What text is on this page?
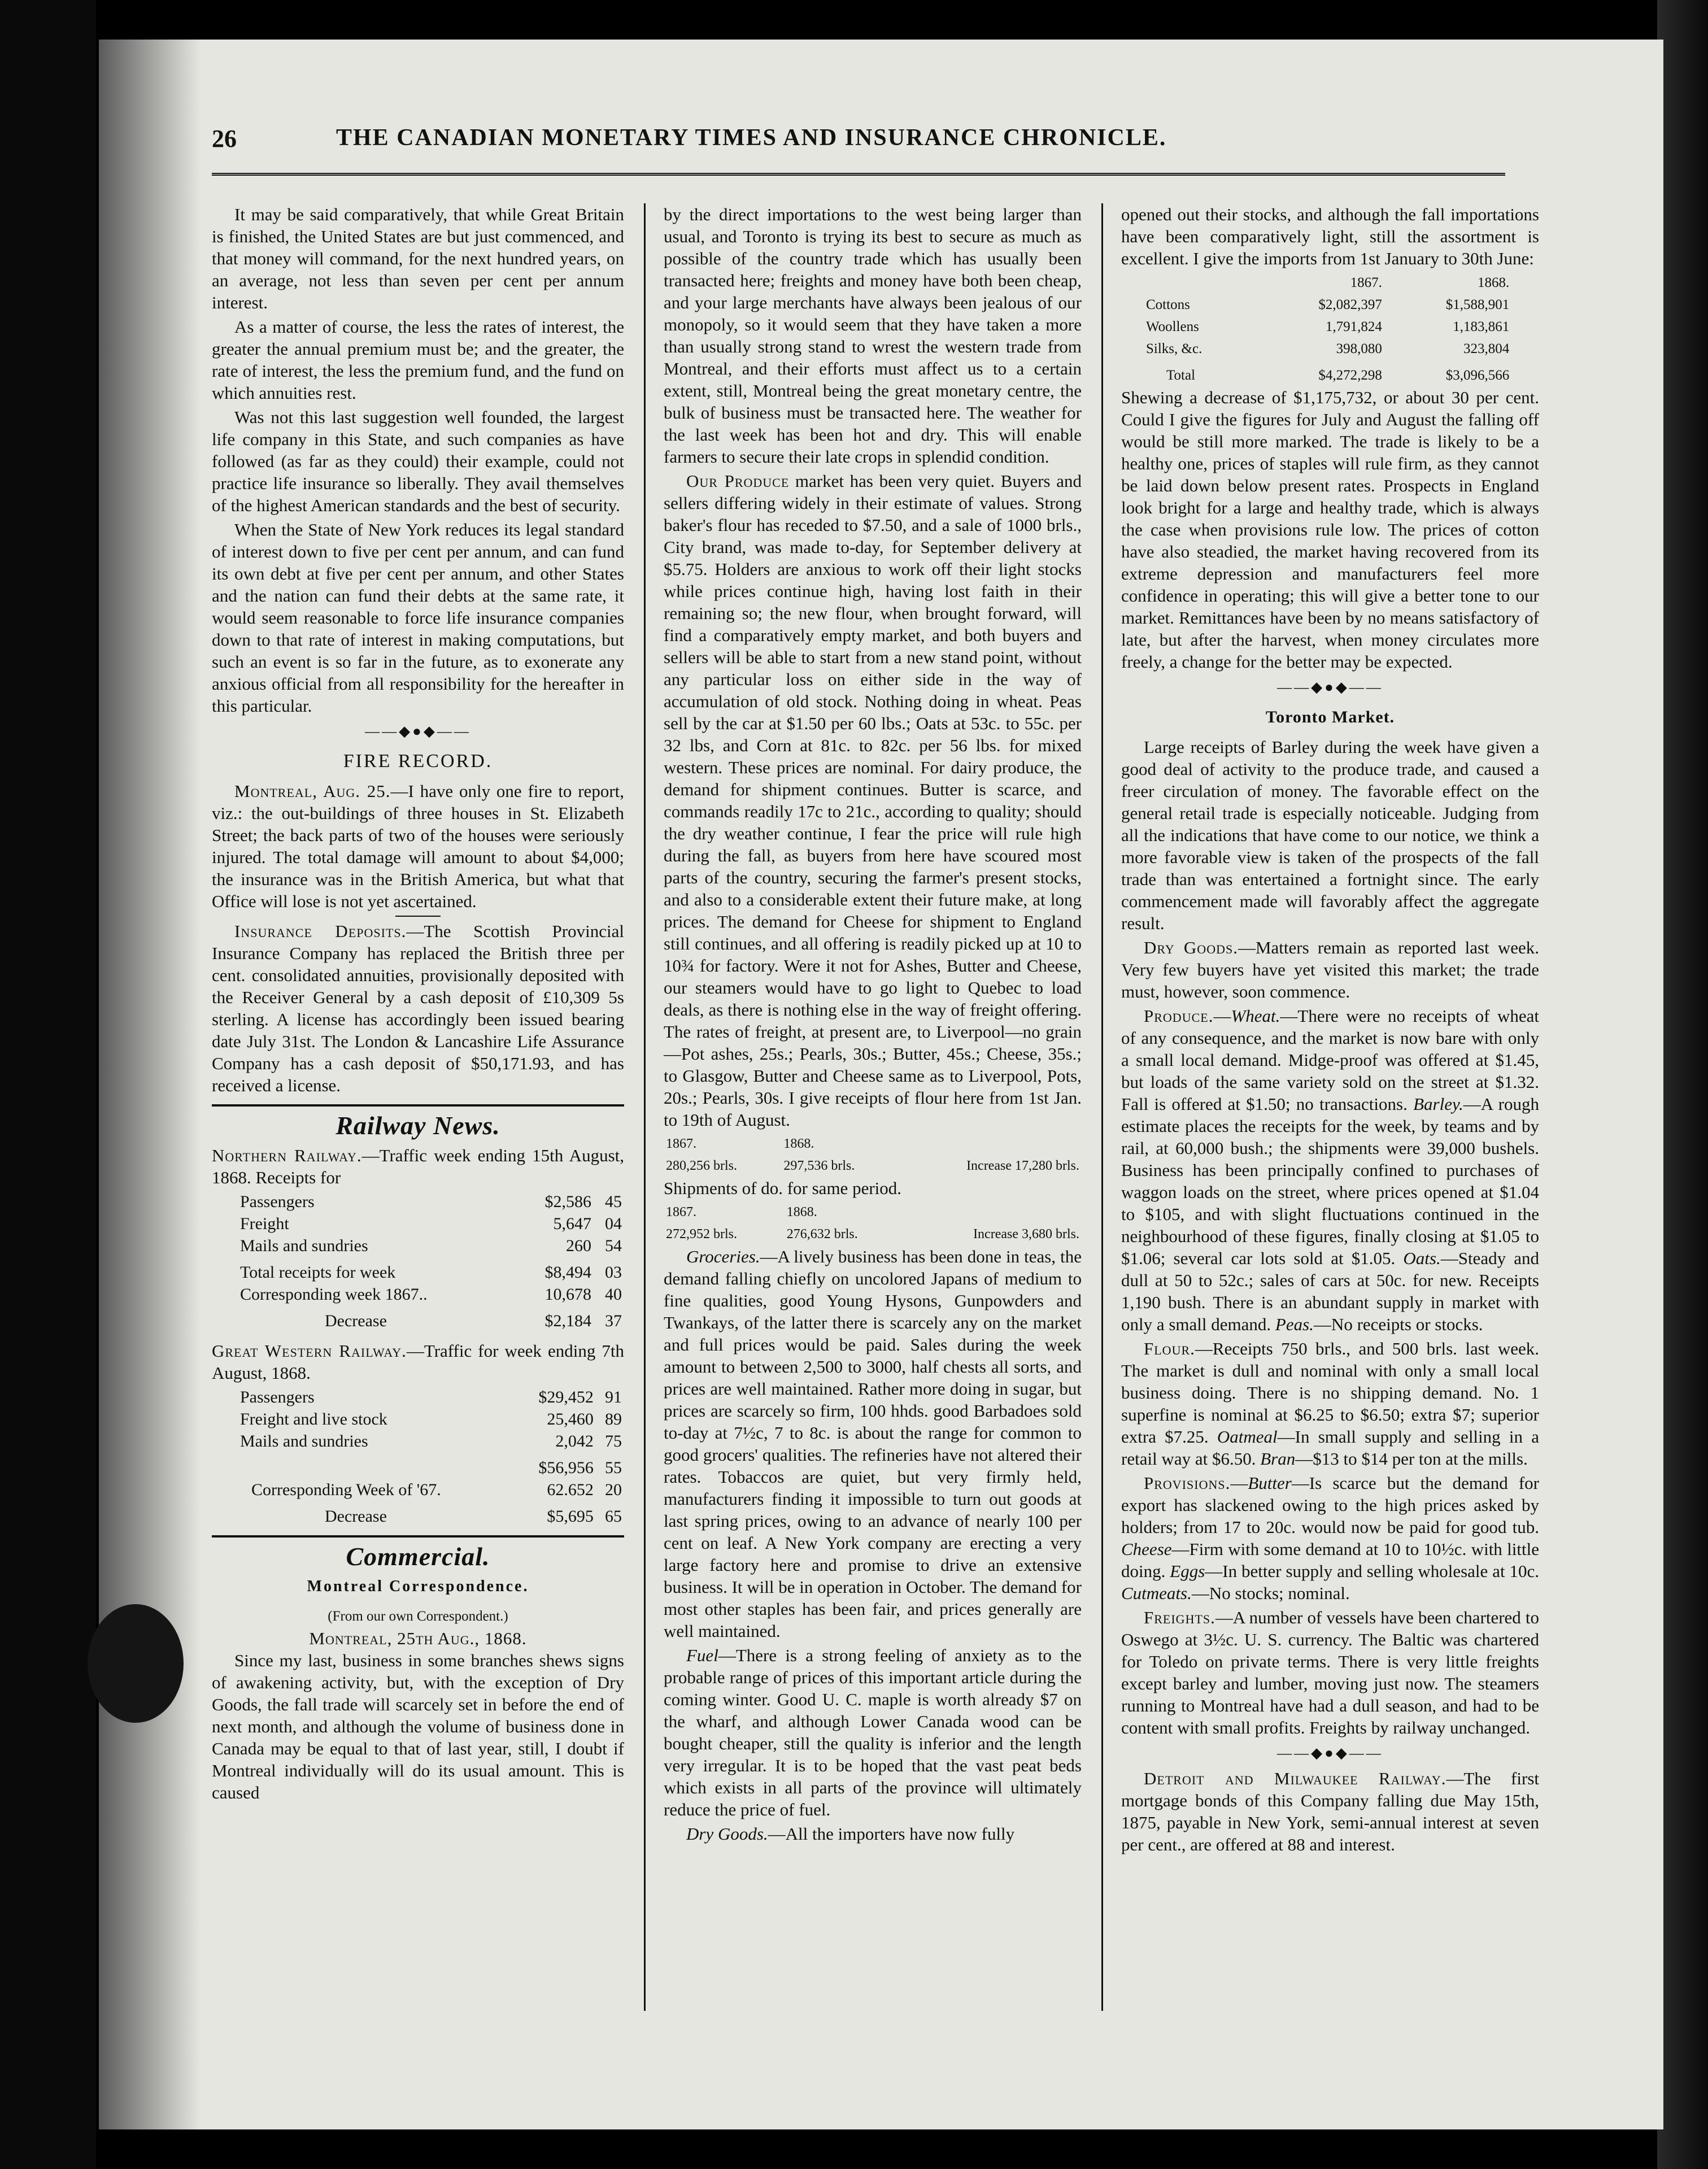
26	THE CANADIAN MONETARY TIMES AND INSURANCE CHRONICLE.

It may be said comparatively, that while Great Britain is finished, the United States are but just commenced, and that money will command, for the next hundred years, on an average, not less than seven per cent per annum interest.

As a matter of course, the less the rates of interest, the greater the annual premium must be; and the greater, the rate of interest, the less the premium fund, and the fund on which annuities rest.

Was not this last suggestion well founded, the largest life company in this State, and such companies as have followed (as far as they could) their example, could not practice life insurance so liberally. They avail themselves of the highest American standards and the best of security.

When the State of New York reduces its legal standard of interest down to five per cent per annum, and can fund its own debt at five per cent per annum, and other States and the nation can fund their debts at the same rate, it would seem reasonable to force life insurance companies down to that rate of interest in making computations, but such an event is so far in the future, as to exonerate any anxious official from all responsibility for the hereafter in this particular.

——◆●◆——
FIRE RECORD.

Montreal, Aug. 25.—I have only one fire to report, viz.: the out-buildings of three houses in St. Elizabeth Street; the back parts of two of the houses were seriously injured. The total damage will amount to about $4,000; the insurance was in the British America, but what that Office will lose is not yet ascertained.

Insurance Deposits.—The Scottish Provincial Insurance Company has replaced the British three per cent. consolidated annuities, provisionally deposited with the Receiver General by a cash deposit of £10,309 5s sterling. A license has accordingly been issued bearing date July 31st. The London & Lancashire Life Assurance Company has a cash deposit of $50,171.93, and has received a license.

Railway News.

Northern Railway.—Traffic week ending 15th August, 1868. Receipts for

Passengers	$2,586	45
Freight	5,647	04
Mails and sundries	260	54
Total receipts for week	$8,494	03
Corresponding week 1867..	10,678	40
Decrease	$2,184	37

Great Western Railway.—Traffic for week ending 7th August, 1868.

Passengers	$29,452	91
Freight and live stock	25,460	89
Mails and sundries	2,042	75
	$56,956	55
Corresponding Week of '67.	62.652	20
Decrease	$5,695	65
Commercial.
Montreal Correspondence.
(From our own Correspondent.)
Montreal, 25th Aug., 1868.

Since my last, business in some branches shews signs of awakening activity, but, with the exception of Dry Goods, the fall trade will scarcely set in before the end of next month, and although the volume of business done in Canada may be equal to that of last year, still, I doubt if Montreal individually will do its usual amount. This is caused

by the direct importations to the west being larger than usual, and Toronto is trying its best to secure as much as possible of the country trade which has usually been transacted here; freights and money have both been cheap, and your large merchants have always been jealous of our monopoly, so it would seem that they have taken a more than usually strong stand to wrest the western trade from Montreal, and their efforts must affect us to a certain extent, still, Montreal being the great monetary centre, the bulk of business must be transacted here. The weather for the last week has been hot and dry. This will enable farmers to secure their late crops in splendid condition.

Our Produce market has been very quiet. Buyers and sellers differing widely in their estimate of values. Strong baker's flour has receded to $7.50, and a sale of 1000 brls., City brand, was made to-day, for September delivery at $5.75. Holders are anxious to work off their light stocks while prices continue high, having lost faith in their remaining so; the new flour, when brought forward, will find a comparatively empty market, and both buyers and sellers will be able to start from a new stand point, without any particular loss on either side in the way of accumulation of old stock. Nothing doing in wheat. Peas sell by the car at $1.50 per 60 lbs.; Oats at 53c. to 55c. per 32 lbs, and Corn at 81c. to 82c. per 56 lbs. for mixed western. These prices are nominal. For dairy produce, the demand for shipment continues. Butter is scarce, and commands readily 17c to 21c., according to quality; should the dry weather continue, I fear the price will rule high during the fall, as buyers from here have scoured most parts of the country, securing the farmer's present stocks, and also to a considerable extent their future make, at long prices. The demand for Cheese for shipment to England still continues, and all offering is readily picked up at 10 to 10¾ for factory. Were it not for Ashes, Butter and Cheese, our steamers would have to go light to Quebec to load deals, as there is nothing else in the way of freight offering. The rates of freight, at present are, to Liverpool—no grain—Pot ashes, 25s.; Pearls, 30s.; Butter, 45s.; Cheese, 35s.; to Glasgow, Butter and Cheese same as to Liverpool, Pots, 20s.; Pearls, 30s. I give receipts of flour here from 1st Jan. to 19th of August.

1867.	1868.	
280,256 brls.	297,536 brls.	Increase 17,280 brls.

Shipments of do. for same period.

1867.	1868.	
272,952 brls.	276,632 brls.	Increase 3,680 brls.

Groceries.—A lively business has been done in teas, the demand falling chiefly on uncolored Japans of medium to fine qualities, good Young Hysons, Gunpowders and Twankays, of the latter there is scarcely any on the market and full prices would be paid. Sales during the week amount to between 2,500 to 3000, half chests all sorts, and prices are well maintained. Rather more doing in sugar, but prices are scarcely so firm, 100 hhds. good Barbadoes sold to-day at 7½c, 7 to 8c. is about the range for common to good grocers' qualities. The refineries have not altered their rates. Tobaccos are quiet, but very firmly held, manufacturers finding it impossible to turn out goods at last spring prices, owing to an advance of nearly 100 per cent on leaf. A New York company are erecting a very large factory here and promise to drive an extensive business. It will be in operation in October. The demand for most other staples has been fair, and prices generally are well maintained.

Fuel—There is a strong feeling of anxiety as to the probable range of prices of this important article during the coming winter. Good U. C. maple is worth already $7 on the wharf, and although Lower Canada wood can be bought cheaper, still the quality is inferior and the length very irregular. It is to be hoped that the vast peat beds which exists in all parts of the province will ultimately reduce the price of fuel.

Dry Goods.—All the importers have now fully

opened out their stocks, and although the fall importations have been comparatively light, still the assortment is excellent. I give the imports from 1st January to 30th June:

	1867.	1868.
Cottons	$2,082,397	$1,588,901
Woollens	1,791,824	1,183,861
Silks, &c.	398,080	323,804
Total	$4,272,298	$3,096,566

Shewing a decrease of $1,175,732, or about 30 per cent. Could I give the figures for July and August the falling off would be still more marked. The trade is likely to be a healthy one, prices of staples will rule firm, as they cannot be laid down below present rates. Prospects in England look bright for a large and healthy trade, which is always the case when provisions rule low. The prices of cotton have also steadied, the market having recovered from its extreme depression and manufacturers feel more confidence in operating; this will give a better tone to our market. Remittances have been by no means satisfactory of late, but after the harvest, when money circulates more freely, a change for the better may be expected.

——◆●◆——
Toronto Market.

Large receipts of Barley during the week have given a good deal of activity to the produce trade, and caused a freer circulation of money. The favorable effect on the general retail trade is especially noticeable. Judging from all the indications that have come to our notice, we think a more favorable view is taken of the prospects of the fall trade than was entertained a fortnight since. The early commencement made will favorably affect the aggregate result.

Dry Goods.—Matters remain as reported last week. Very few buyers have yet visited this market; the trade must, however, soon commence.

Produce.—Wheat.—There were no receipts of wheat of any consequence, and the market is now bare with only a small local demand. Midge-proof was offered at $1.45, but loads of the same variety sold on the street at $1.32. Fall is offered at $1.50; no transactions. Barley.—A rough estimate places the receipts for the week, by teams and by rail, at 60,000 bush.; the shipments were 39,000 bushels. Business has been principally confined to purchases of waggon loads on the street, where prices opened at $1.04 to $105, and with slight fluctuations continued in the neighbourhood of these figures, finally closing at $1.05 to $1.06; several car lots sold at $1.05. Oats.—Steady and dull at 50 to 52c.; sales of cars at 50c. for new. Receipts 1,190 bush. There is an abundant supply in market with only a small demand. Peas.—No receipts or stocks.

Flour.—Receipts 750 brls., and 500 brls. last week. The market is dull and nominal with only a small local business doing. There is no shipping demand. No. 1 superfine is nominal at $6.25 to $6.50; extra $7; superior extra $7.25. Oatmeal—In small supply and selling in a retail way at $6.50. Bran—$13 to $14 per ton at the mills.

Provisions.—Butter—Is scarce but the demand for export has slackened owing to the high prices asked by holders; from 17 to 20c. would now be paid for good tub. Cheese—Firm with some demand at 10 to 10½c. with little doing. Eggs—In better supply and selling wholesale at 10c. Cutmeats.—No stocks; nominal.

Freights.—A number of vessels have been chartered to Oswego at 3½c. U. S. currency. The Baltic was chartered for Toledo on private terms. There is very little freights except barley and lumber, moving just now. The steamers running to Montreal have had a dull season, and had to be content with small profits. Freights by railway unchanged.

——◆●◆——

Detroit and Milwaukee Railway.—The first mortgage bonds of this Company falling due May 15th, 1875, payable in New York, semi-annual interest at seven per cent., are offered at 88 and interest.
